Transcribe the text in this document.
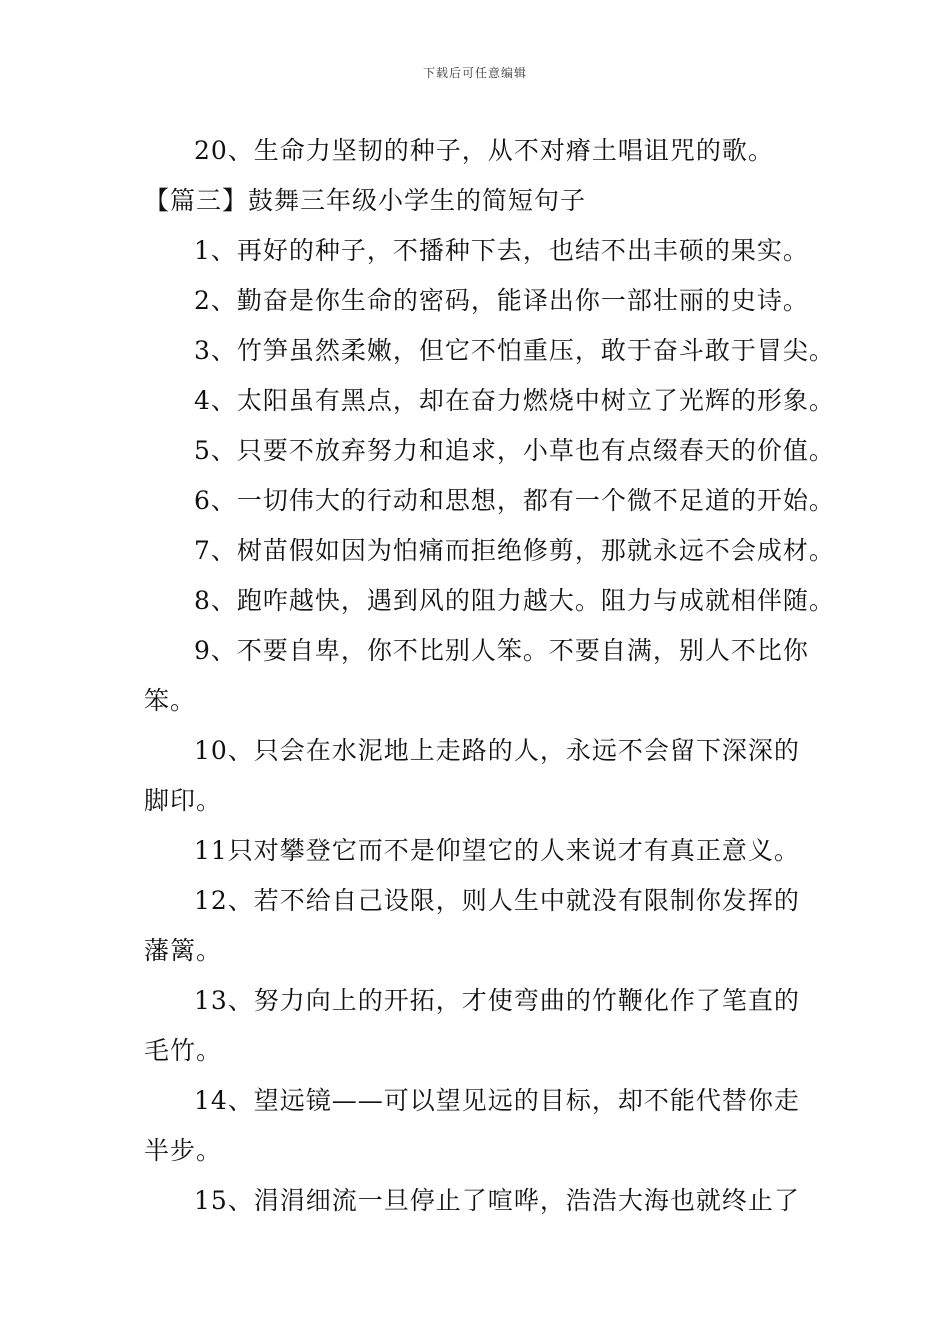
下载后可任意编辑

20、生命力坚韧的种子，从不对瘠土唱诅咒的歌。

【篇三】鼓舞三年级小学生的简短句子

1、再好的种子，不播种下去，也结不出丰硕的果实。

2、勤奋是你生命的密码，能译出你一部壮丽的史诗。

3、竹笋虽然柔嫩，但它不怕重压，敢于奋斗敢于冒尖。

4、太阳虽有黑点，却在奋力燃烧中树立了光辉的形象。

5、只要不放弃努力和追求，小草也有点缀春天的价值。

6、一切伟大的行动和思想，都有一个微不足道的开始。

7、树苗假如因为怕痛而拒绝修剪，那就永远不会成材。

8、跑咋越快，遇到风的阻力越大。阻力与成就相伴随。

9、不要自卑，你不比别人笨。不要自满，别人不比你笨。

10、只会在水泥地上走路的人，永远不会留下深深的脚印。

11只对攀登它而不是仰望它的人来说才有真正意义。

12、若不给自己设限，则人生中就没有限制你发挥的藩篱。

13、努力向上的开拓，才使弯曲的竹鞭化作了笔直的毛竹。

14、望远镜——可以望见远的目标，却不能代替你走半步。

15、涓涓细流一旦停止了喧哗，浩浩大海也就终止了
